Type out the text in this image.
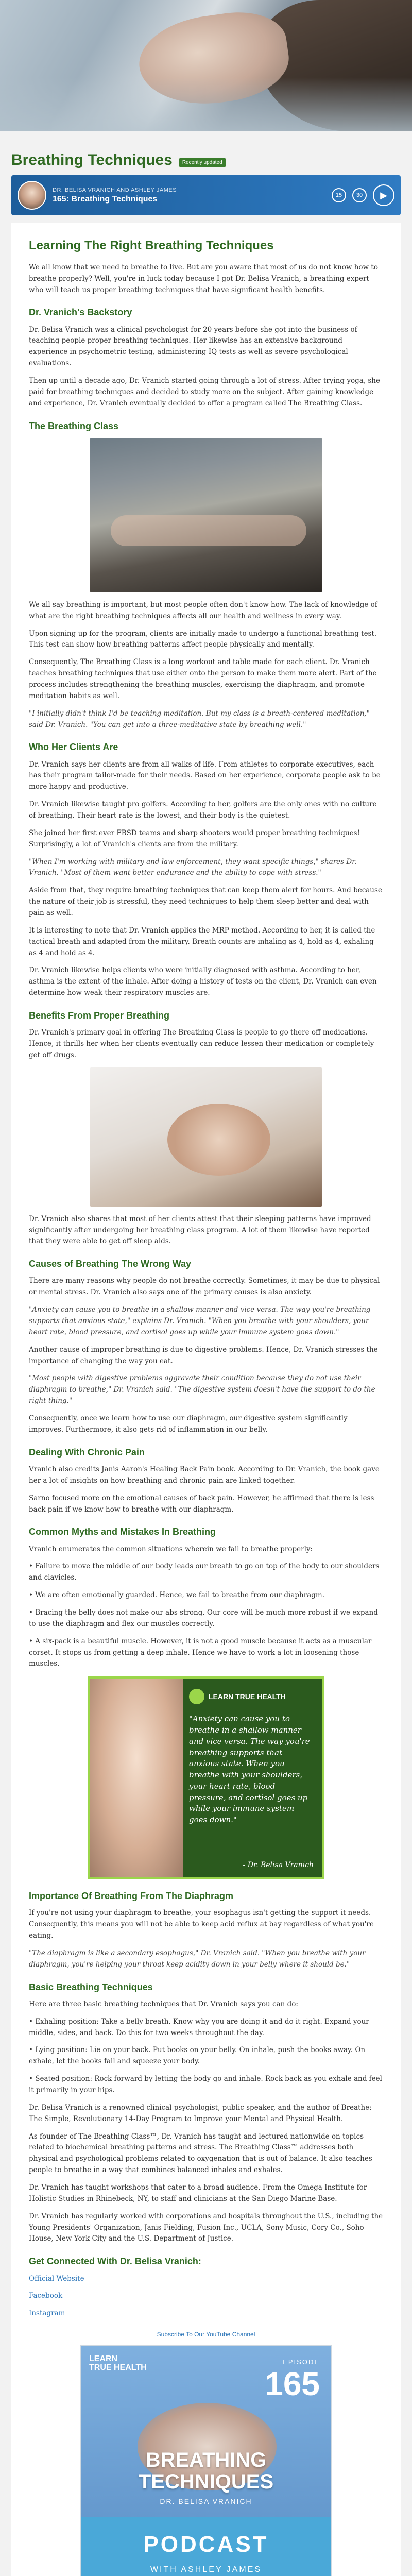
Breathing Techniques	Recently updated
DR. BELISA VRANICH AND ASHLEY JAMES
165: Breathing Techniques	15	30 ▶
Learning The Right Breathing Techniques

We all know that we need to breathe to live. But are you aware that most of us do not know how to breathe properly? Well, you're in luck today because I got Dr. Belisa Vranich, a breathing expert who will teach us proper breathing techniques that have significant health benefits.

Dr. Vranich's Backstory

Dr. Belisa Vranich was a clinical psychologist for 20 years before she got into the business of teaching people proper breathing techniques. Her likewise has an extensive background experience in psychometric testing, administering IQ tests as well as severe psychological evaluations.

Then up until a decade ago, Dr. Vranich started going through a lot of stress. After trying yoga, she paid for breathing techniques and decided to study more on the subject. After gaining knowledge and experience, Dr. Vranich eventually decided to offer a program called The Breathing Class.

The Breathing Class

We all say breathing is important, but most people often don't know how. The lack of knowledge of what are the right breathing techniques affects all our health and wellness in every way.

Upon signing up for the program, clients are initially made to undergo a functional breathing test. This test can show how breathing patterns affect people physically and mentally.

Consequently, The Breathing Class is a long workout and table made for each client. Dr. Vranich teaches breathing techniques that use either onto the person to make them more alert. Part of the process includes strengthening the breathing muscles, exercising the diaphragm, and promote meditation habits as well.

"I initially didn't think I'd be teaching meditation. But my class is a breath-centered meditation," said Dr. Vranich. "You can get into a three-meditative state by breathing well."

Who Her Clients Are

Dr. Vranich says her clients are from all walks of life. From athletes to corporate executives, each has their program tailor-made for their needs. Based on her experience, corporate people ask to be more happy and productive.

Dr. Vranich likewise taught pro golfers. According to her, golfers are the only ones with no culture of breathing. Their heart rate is the lowest, and their body is the quietest.

She joined her first ever FBSD teams and sharp shooters would proper breathing techniques! Surprisingly, a lot of Vranich's clients are from the military.

"When I'm working with military and law enforcement, they want specific things," shares Dr. Vranich. "Most of them want better endurance and the ability to cope with stress."

Aside from that, they require breathing techniques that can keep them alert for hours. And because the nature of their job is stressful, they need techniques to help them sleep better and deal with pain as well.

It is interesting to note that Dr. Vranich applies the MRP method. According to her, it is called the tactical breath and adapted from the military. Breath counts are inhaling as 4, hold as 4, exhaling as 4 and hold as 4.

Dr. Vranich likewise helps clients who were initially diagnosed with asthma. According to her, asthma is the extent of the inhale. After doing a history of tests on the client, Dr. Vranich can even determine how weak their respiratory muscles are.

Benefits From Proper Breathing

Dr. Vranich's primary goal in offering The Breathing Class is people to go there off medications. Hence, it thrills her when her clients eventually can reduce lessen their medication or completely get off drugs.

Dr. Vranich also shares that most of her clients attest that their sleeping patterns have improved significantly after undergoing her breathing class program. A lot of them likewise have reported that they were able to get off sleep aids.

Causes of Breathing The Wrong Way

There are many reasons why people do not breathe correctly. Sometimes, it may be due to physical or mental stress. Dr. Vranich also says one of the primary causes is also anxiety.

"Anxiety can cause you to breathe in a shallow manner and vice versa. The way you're breathing supports that anxious state," explains Dr. Vranich. "When you breathe with your shoulders, your heart rate, blood pressure, and cortisol goes up while your immune system goes down."

Another cause of improper breathing is due to digestive problems. Hence, Dr. Vranich stresses the importance of changing the way you eat.

"Most people with digestive problems aggravate their condition because they do not use their diaphragm to breathe," Dr. Vranich said. "The digestive system doesn't have the support to do the right thing."

Consequently, once we learn how to use our diaphragm, our digestive system significantly improves. Furthermore, it also gets rid of inflammation in our belly.

Dealing With Chronic Pain

Vranich also credits Janis Aaron's Healing Back Pain book. According to Dr. Vranich, the book gave her a lot of insights on how breathing and chronic pain are linked together.

Sarno focused more on the emotional causes of back pain. However, he affirmed that there is less back pain if we know how to breathe with our diaphragm.

Common Myths and Mistakes In Breathing

Vranich enumerates the common situations wherein we fail to breathe properly:

• Failure to move the middle of our body leads our breath to go on top of the body to our shoulders and clavicles.

• We are often emotionally guarded. Hence, we fail to breathe from our diaphragm.

• Bracing the belly does not make our abs strong. Our core will be much more robust if we expand to use the diaphragm and flex our muscles correctly.

• A six-pack is a beautiful muscle. However, it is not a good muscle because it acts as a muscular corset. It stops us from getting a deep inhale. Hence we have to work a lot in loosening those muscles.

LEARN TRUE HEALTH
"Anxiety can cause you to breathe in a shallow manner and vice versa. The way you're breathing supports that anxious state. When you breathe with your shoulders, your heart rate, blood pressure, and cortisol goes up while your immune system goes down."
- Dr. Belisa Vranich
Importance Of Breathing From The Diaphragm

If you're not using your diaphragm to breathe, your esophagus isn't getting the support it needs. Consequently, this means you will not be able to keep acid reflux at bay regardless of what you're eating.

"The diaphragm is like a secondary esophagus," Dr. Vranich said. "When you breathe with your diaphragm, you're helping your throat keep acidity down in your belly where it should be."

Basic Breathing Techniques

Here are three basic breathing techniques that Dr. Vranich says you can do:

• Exhaling position: Take a belly breath. Know why you are doing it and do it right. Expand your middle, sides, and back. Do this for two weeks throughout the day.

• Lying position: Lie on your back. Put books on your belly. On inhale, push the books away. On exhale, let the books fall and squeeze your body.

• Seated position: Rock forward by letting the body go and inhale. Rock back as you exhale and feel it primarily in your hips.

Dr. Belisa Vranich is a renowned clinical psychologist, public speaker, and the author of Breathe: The Simple, Revolutionary 14-Day Program to Improve your Mental and Physical Health.

As founder of The Breathing Class™, Dr. Vranich has taught and lectured nationwide on topics related to biochemical breathing patterns and stress. The Breathing Class™ addresses both physical and psychological problems related to oxygenation that is out of balance. It also teaches people to breathe in a way that combines balanced inhales and exhales.

Dr. Vranich has taught workshops that cater to a broad audience. From the Omega Institute for Holistic Studies in Rhinebeck, NY, to staff and clinicians at the San Diego Marine Base.

Dr. Vranich has regularly worked with corporations and hospitals throughout the U.S., including the Young Presidents' Organization, Janis Fielding, Fusion Inc., UCLA, Sony Music, Cory Co., Soho House, New York City and the U.S. Department of Justice.

Get Connected With Dr. Belisa Vranich:

Official Website

Facebook

Instagram

Subscribe To Our YouTube Channel
LEARN
TRUE HEALTH
EPISODE
165
BREATHING
TECHNIQUES
DR. BELISA VRANICH
PODCAST
WITH ASHLEY JAMES
